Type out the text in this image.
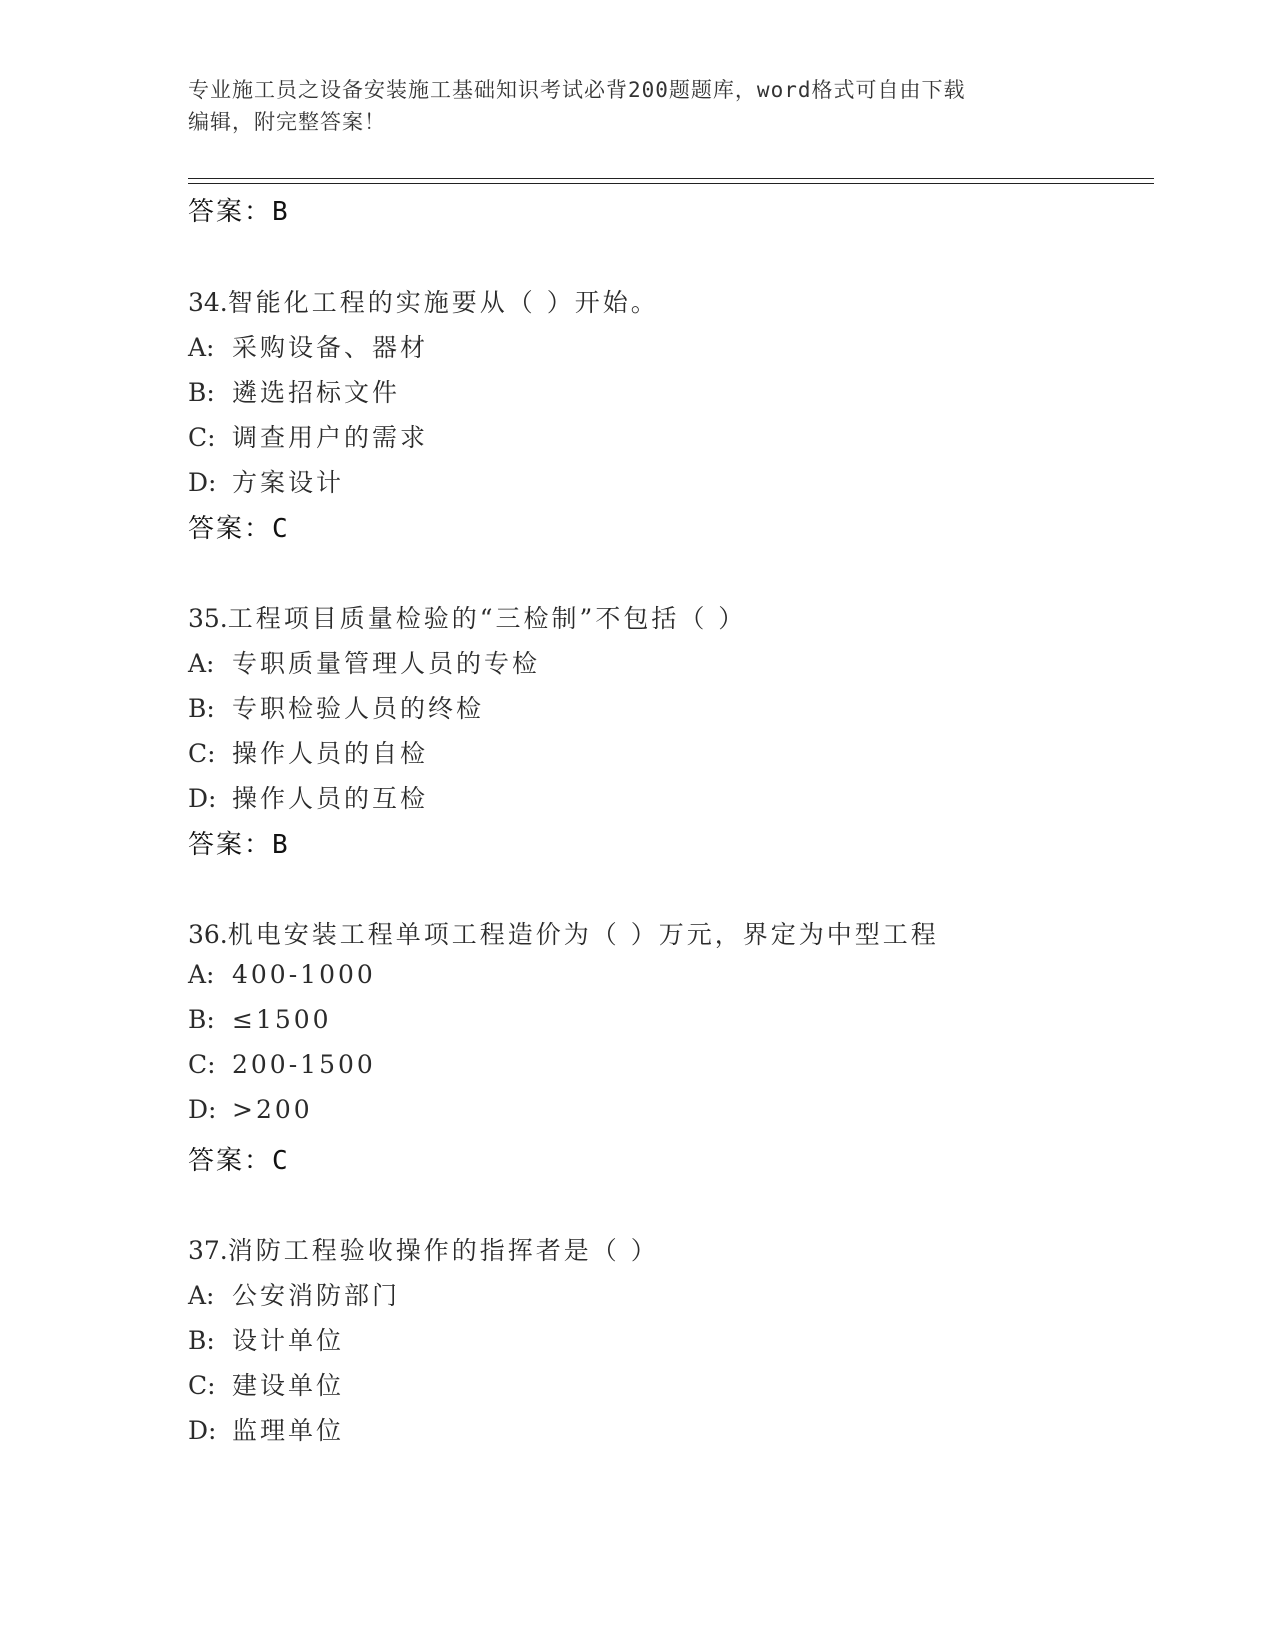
专业施工员之设备安装施工基础知识考试必背200题题库，word格式可自由下载
编辑，附完整答案！
答案：B
34.智能化工程的实施要从（ ）开始。
A: 采购设备、器材
B: 遴选招标文件
C: 调查用户的需求
D: 方案设计
答案：C
35.工程项目质量检验的“三检制”不包括（ ）
A: 专职质量管理人员的专检
B: 专职检验人员的终检
C: 操作人员的自检
D: 操作人员的互检
答案：B
36.机电安装工程单项工程造价为（ ）万元，界定为中型工程
A: 400-1000
B: ≤1500
C: 200-1500
D: >200
答案：C
37.消防工程验收操作的指挥者是（ ）
A: 公安消防部门
B: 设计单位
C: 建设单位
D: 监理单位
